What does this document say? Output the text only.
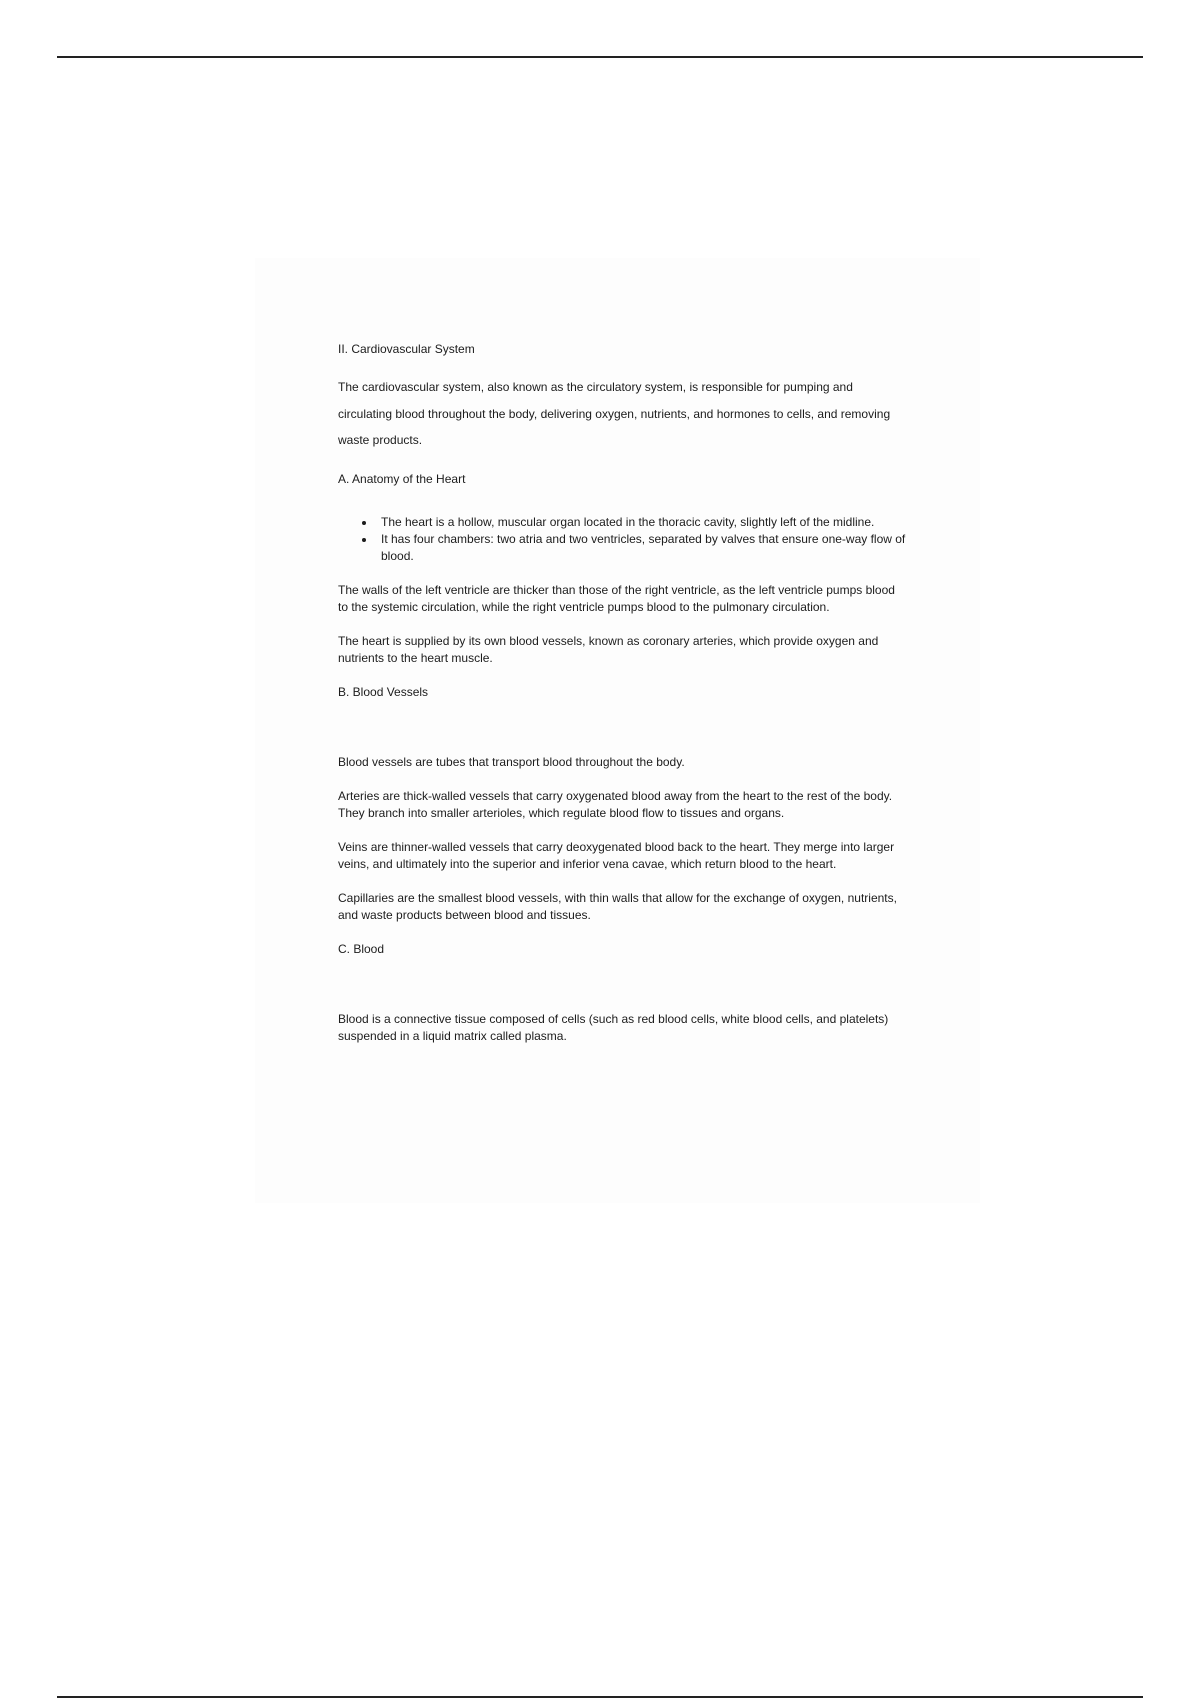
II. Cardiovascular System

The cardiovascular system, also known as the circulatory system, is responsible for pumping and circulating blood throughout the body, delivering oxygen, nutrients, and hormones to cells, and removing waste products.

A. Anatomy of the Heart

The heart is a hollow, muscular organ located in the thoracic cavity, slightly left of the midline.
It has four chambers: two atria and two ventricles, separated by valves that ensure one-way flow of blood.

The walls of the left ventricle are thicker than those of the right ventricle, as the left ventricle pumps blood to the systemic circulation, while the right ventricle pumps blood to the pulmonary circulation.

The heart is supplied by its own blood vessels, known as coronary arteries, which provide oxygen and nutrients to the heart muscle.

B. Blood Vessels

Blood vessels are tubes that transport blood throughout the body.

Arteries are thick-walled vessels that carry oxygenated blood away from the heart to the rest of the body. They branch into smaller arterioles, which regulate blood flow to tissues and organs.

Veins are thinner-walled vessels that carry deoxygenated blood back to the heart. They merge into larger veins, and ultimately into the superior and inferior vena cavae, which return blood to the heart.

Capillaries are the smallest blood vessels, with thin walls that allow for the exchange of oxygen, nutrients, and waste products between blood and tissues.

C. Blood

Blood is a connective tissue composed of cells (such as red blood cells, white blood cells, and platelets) suspended in a liquid matrix called plasma.
